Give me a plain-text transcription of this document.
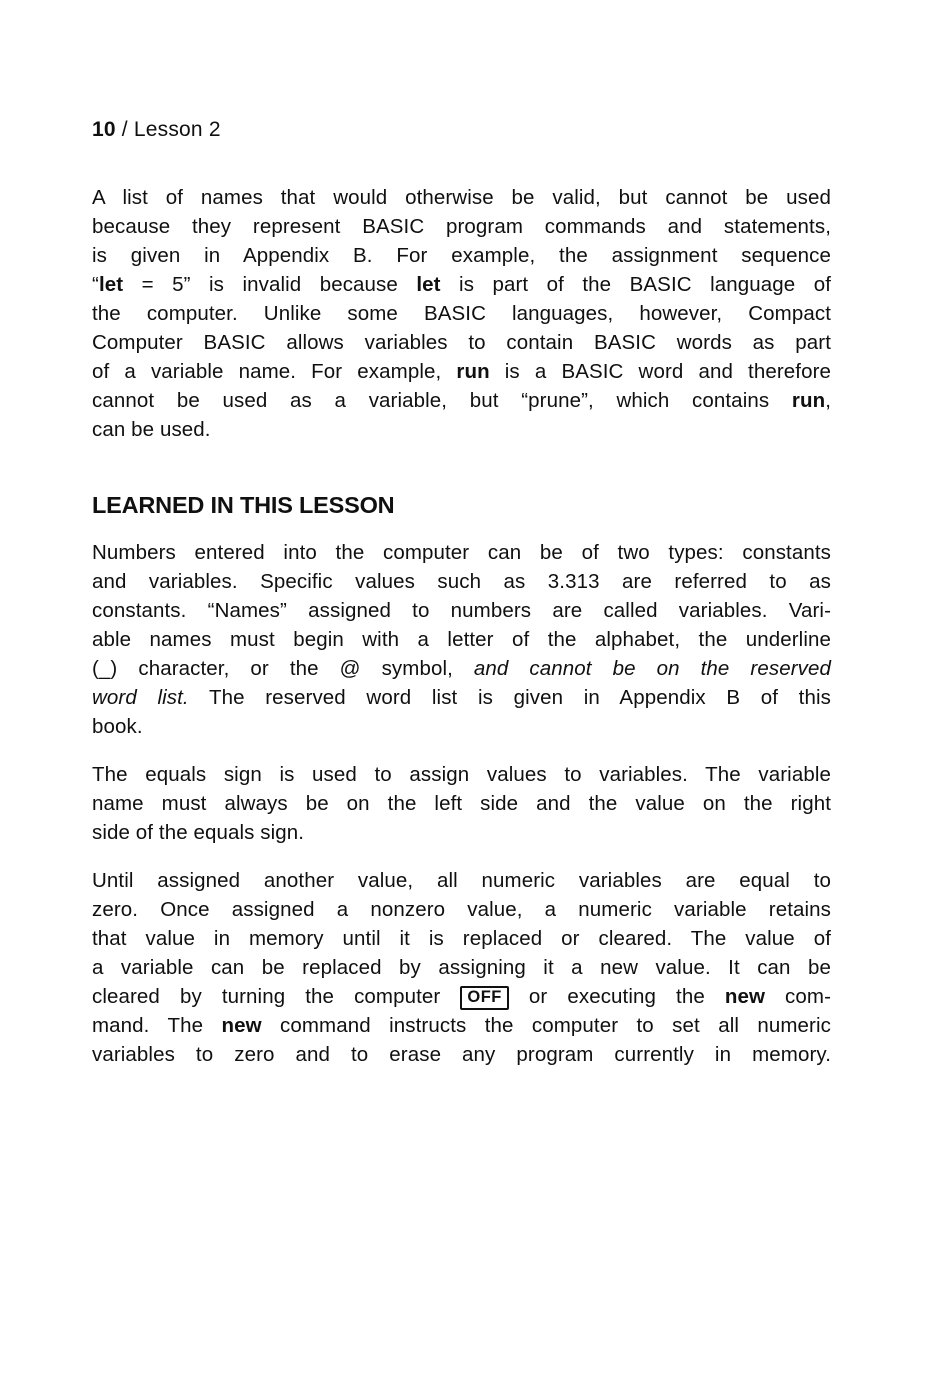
10 / Lesson 2
A list of names that would otherwise be valid, but cannot be used
because they represent BASIC program commands and statements,
is given in Appendix B. For example, the assignment sequence
“let = 5” is invalid because let is part of the BASIC language of
the computer. Unlike some BASIC languages, however, Compact
Computer BASIC allows variables to contain BASIC words as part
of a variable name. For example, run is a BASIC word and therefore
cannot be used as a variable, but “prune”, which contains run,
can be used.
LEARNED IN THIS LESSON
Numbers entered into the computer can be of two types: constants
and variables. Specific values such as 3.313 are referred to as
constants. “Names” assigned to numbers are called variables. Vari-
able names must begin with a letter of the alphabet, the underline
(_) character, or the @ symbol, and cannot be on the reserved
word list. The reserved word list is given in Appendix B of this
book.
The equals sign is used to assign values to variables. The variable
name must always be on the left side and the value on the right
side of the equals sign.
Until assigned another value, all numeric variables are equal to
zero. Once assigned a nonzero value, a numeric variable retains
that value in memory until it is replaced or cleared. The value of
a variable can be replaced by assigning it a new value. It can be
cleared by turning the computer OFF or executing the new com-
mand. The new command instructs the computer to set all numeric
variables to zero and to erase any program currently in memory.
